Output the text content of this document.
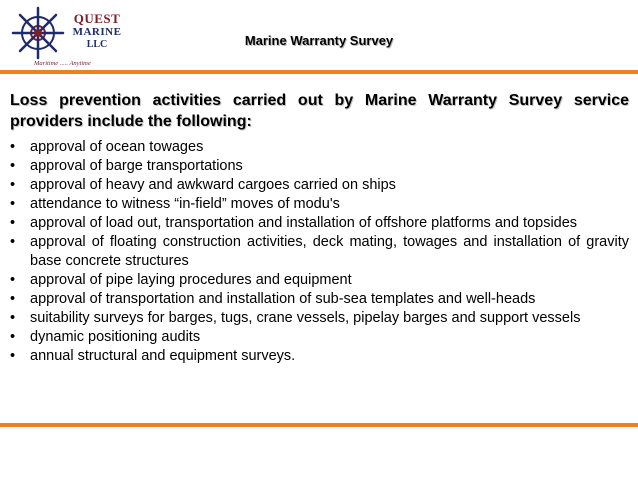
QUEST
MARINE
LLC
Maritime ..... Anytime
Marine Warranty Survey

Loss prevention activities carried out by Marine Warranty Survey service providers include the following:

• approval of ocean towages
• approval of barge transportations
• approval of heavy and awkward cargoes carried on ships
• attendance to witness “in-field” moves of modu's
• approval of load out, transportation and installation of offshore platforms and topsides
• approval of floating construction activities, deck mating, towages and installation of gravity base concrete structures
• approval of pipe laying procedures and equipment
• approval of transportation and installation of sub-sea templates and well-heads
• suitability surveys for barges, tugs, crane vessels, pipelay barges and support vessels
• dynamic positioning audits
• annual structural and equipment surveys.
